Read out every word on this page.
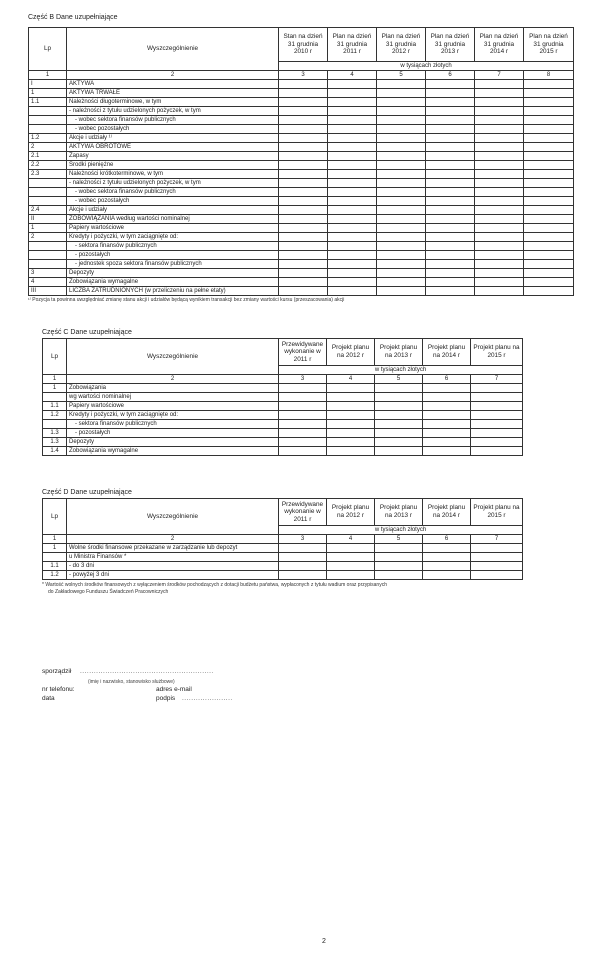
Część B Dane uzupełniające
Lp	Wyszczególnienie	Stan na dzień 31 grudnia 2010 r	Plan na dzień 31 grudnia 2011 r	Plan na dzień 31 grudnia 2012 r	Plan na dzień 31 grudnia 2013 r	Plan na dzień 31 grudnia 2014 r	Plan na dzień 31 grudnia 2015 r
		w tysiącach złotych					
1	2	3	4	5	6	7	8
I	AKTYWA						
1	AKTYWA TRWAŁE						
1.1	Należności długoterminowe, w tym						
	- należności z tytułu udzielonych pożyczek, w tym						
	- wobec sektora finansów publicznych						
	- wobec pozostałych						
1.2	Akcje i udziały ¹⁾						
2	AKTYWA OBROTOWE						
2.1	Zapasy						
2.2	Środki pieniężne						
2.3	Należności krótkoterminowe, w tym						
	- należności z tytułu udzielonych pożyczek, w tym						
	- wobec sektora finansów publicznych						
	- wobec pozostałych						
2.4	Akcje i udziały						
II	ZOBOWIĄZANIA według wartości nominalnej						
1	Papiery wartościowe						
2	Kredyty i pożyczki, w tym zaciągnięte od:						
	- sektora finansów publicznych						
	- pozostałych						
	- jednostek spoza sektora finansów publicznych						
3	Depozyty						
4	Zobowiązania wymagalne						
III	LICZBA ZATRUDNIONYCH (w przeliczeniu na pełne etaty)						
¹⁾ Pozycja ta powinna uwzględniać zmianę stanu akcji i udziałów będącą wynikiem transakcji bez zmiany wartości kursu (przeszacowania) akcji
Część C Dane uzupełniające
Lp	Wyszczególnienie	Przewidywane wykonanie w 2011 r	Projekt planu na 2012 r	Projekt planu na 2013 r	Projekt planu na 2014 r	Projekt planu na 2015 r
		w tysiącach złotych				
1	2	3	4	5	6	7
1	Zobowiązania					
	wg wartości nominalnej					
1.1	Papiery wartościowe					
1.2	Kredyty i pożyczki, w tym zaciągnięte od:					
	- sektora finansów publicznych					
1.3	- pozostałych					
1.3	Depozyty					
1.4	Zobowiązania wymagalne					
Część D Dane uzupełniające
Lp	Wyszczególnienie	Przewidywane wykonanie w 2011 r	Projekt planu na 2012 r	Projekt planu na 2013 r	Projekt planu na 2014 r	Projekt planu na 2015 r
		w tysiącach złotych				
1	2	3	4	5	6	7
1	Wolne środki finansowe przekazane w zarządzanie lub depozyt					
	u Ministra Finansów *					
1.1	- do 3 dni					
1.2	- powyżej 3 dni					
* Wartość wolnych środków finansowych z wyłączeniem środków pochodzących z dotacji budżetu państwa, wypłaconych z tytułu wadium oraz przypisanych
do Zakładowego Funduszu Świadczeń Pracowniczych
sporządził ..........................................................
(imię i nazwisko, stanowisko służbowe)
nr telefonu:	adres e-mail
data	podpis ......................
2
